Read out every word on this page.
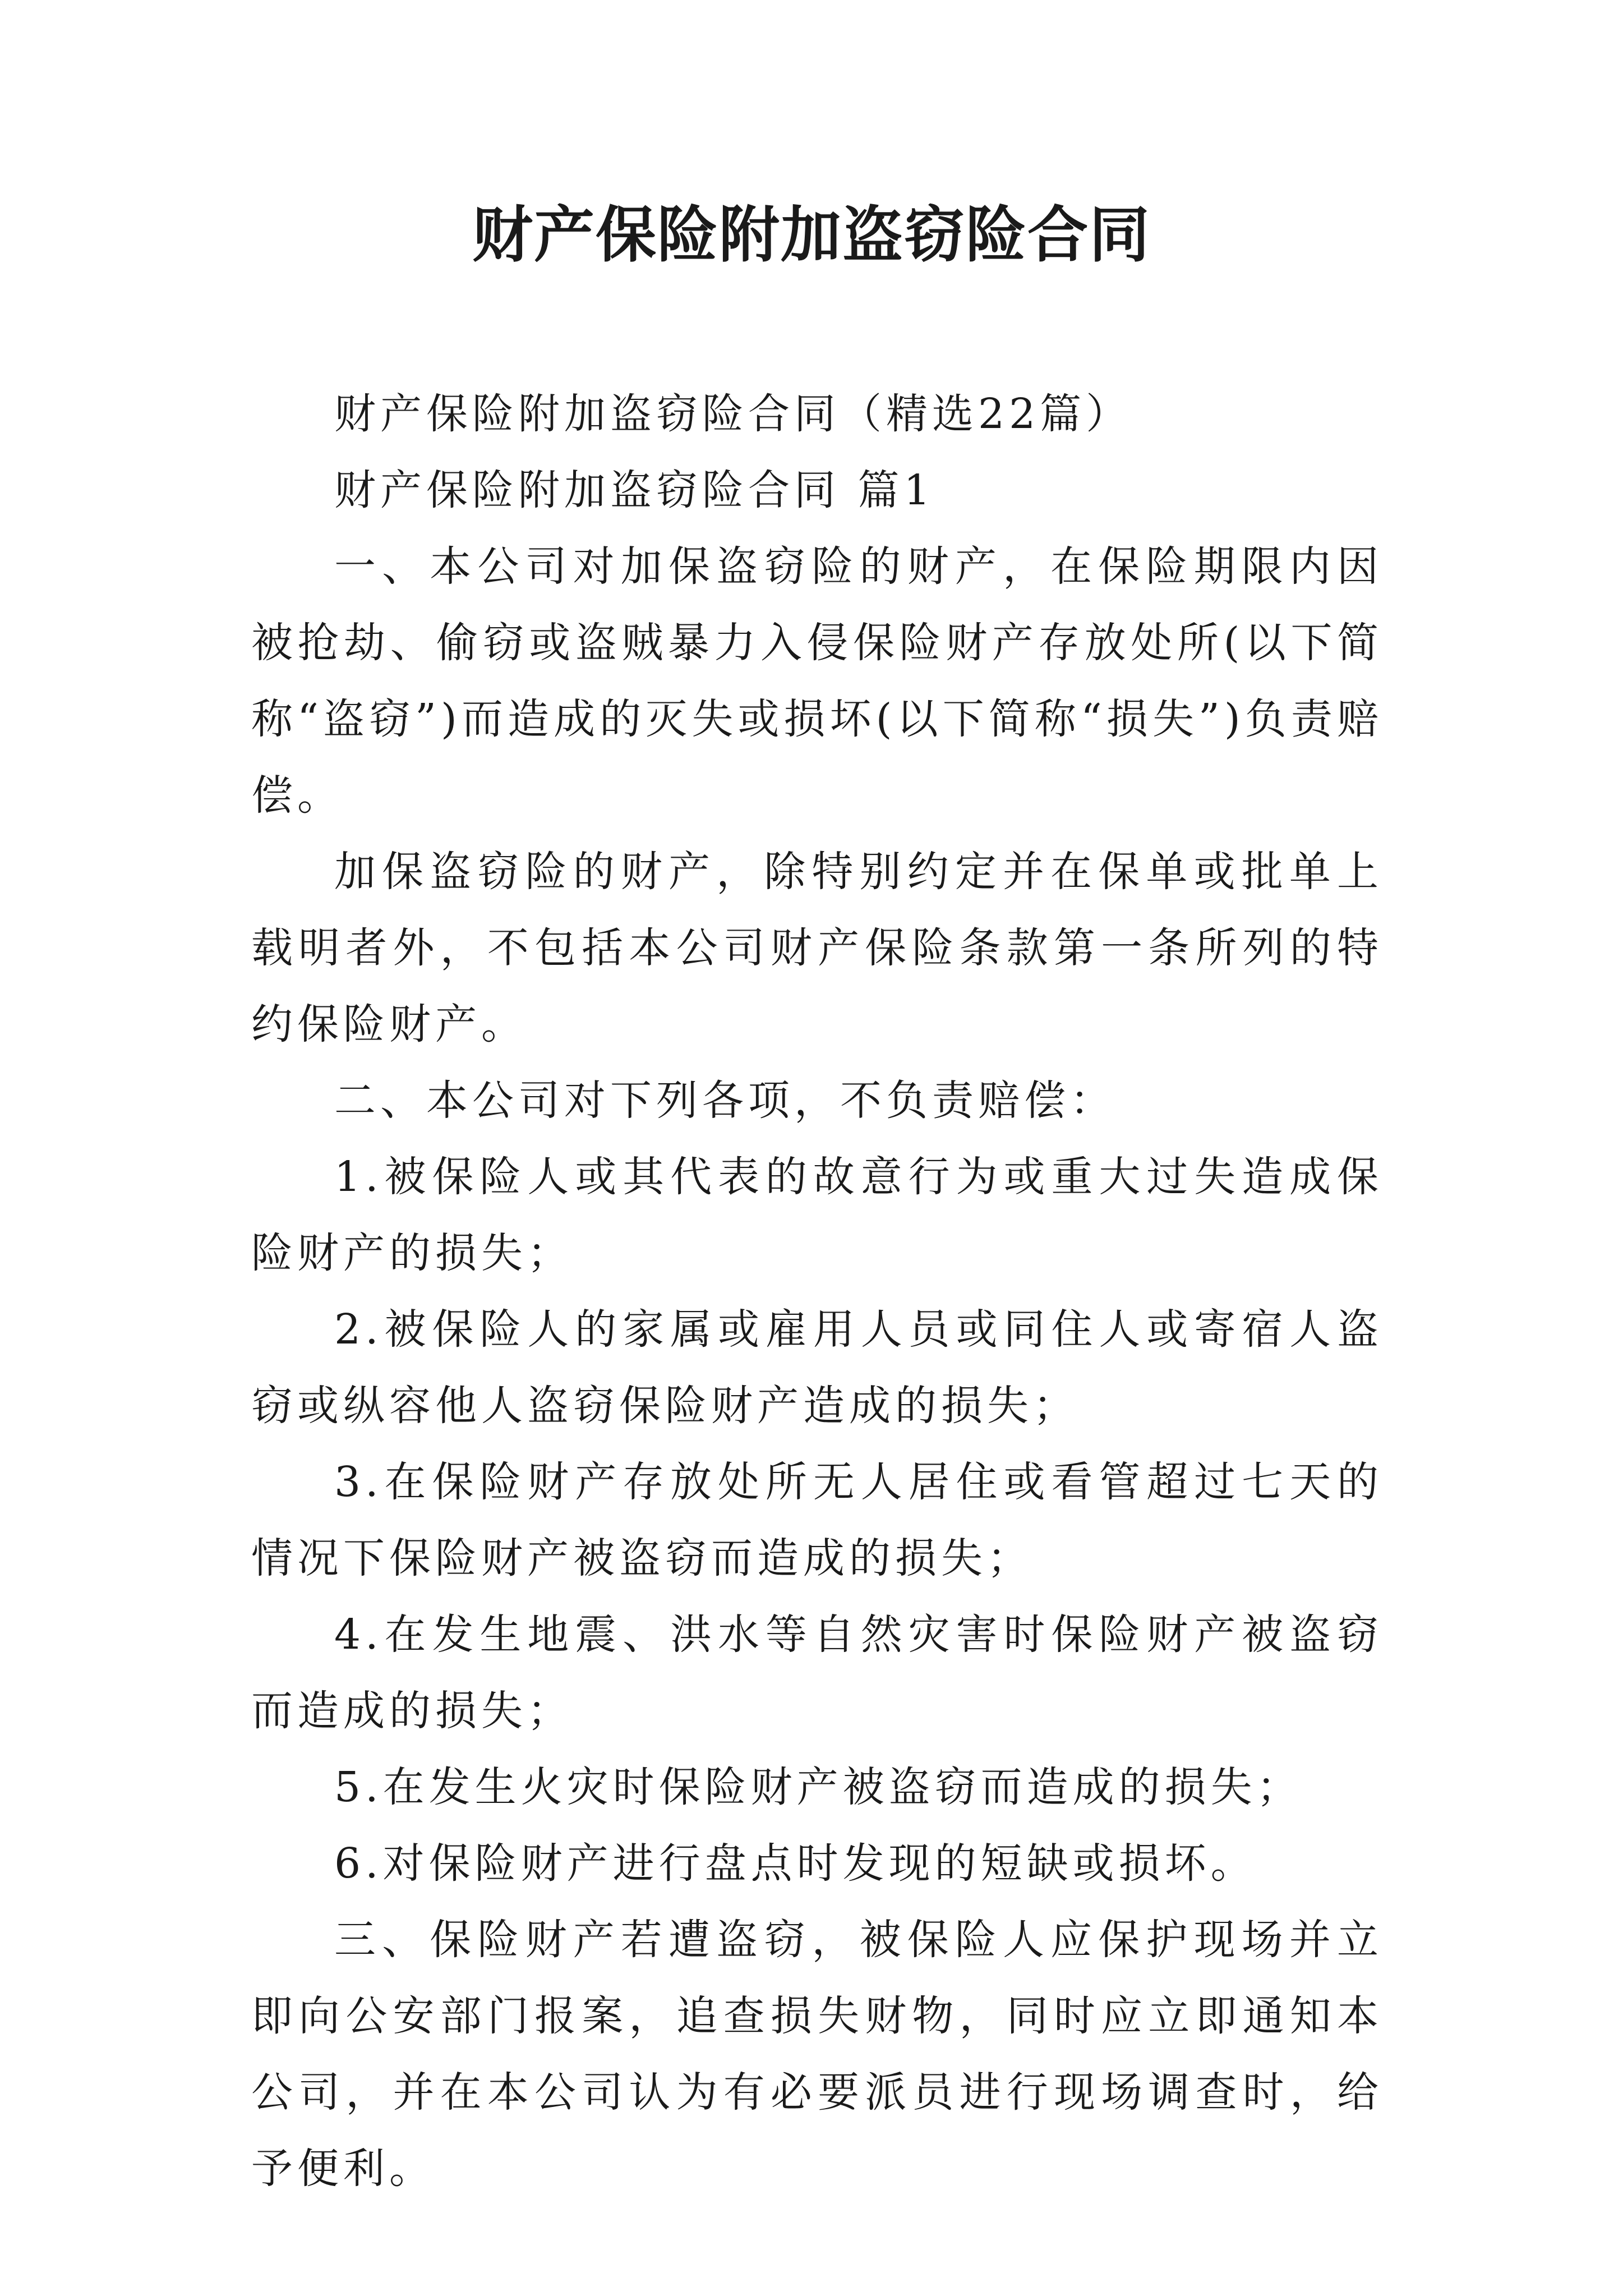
财产保险附加盗窃险合同

财产保险附加盗窃险合同（精选22篇）

财产保险附加盗窃险合同 篇1

一、本公司对加保盗窃险的财产，在保险期限内因被抢劫、偷窃或盗贼暴力入侵保险财产存放处所(以下简称“盗窃”)而造成的灭失或损坏(以下简称“损失”)负责赔偿。

加保盗窃险的财产，除特别约定并在保单或批单上载明者外，不包括本公司财产保险条款第一条所列的特约保险财产。

二、本公司对下列各项，不负责赔偿：

1.被保险人或其代表的故意行为或重大过失造成保险财产的损失；

2.被保险人的家属或雇用人员或同住人或寄宿人盗窃或纵容他人盗窃保险财产造成的损失；

3.在保险财产存放处所无人居住或看管超过七天的情况下保险财产被盗窃而造成的损失；

4.在发生地震、洪水等自然灾害时保险财产被盗窃而造成的损失；

5.在发生火灾时保险财产被盗窃而造成的损失；

6.对保险财产进行盘点时发现的短缺或损坏。

三、保险财产若遭盗窃，被保险人应保护现场并立即向公安部门报案，追查损失财物，同时应立即通知本公司，并在本公司认为有必要派员进行现场调查时，给予便利。
